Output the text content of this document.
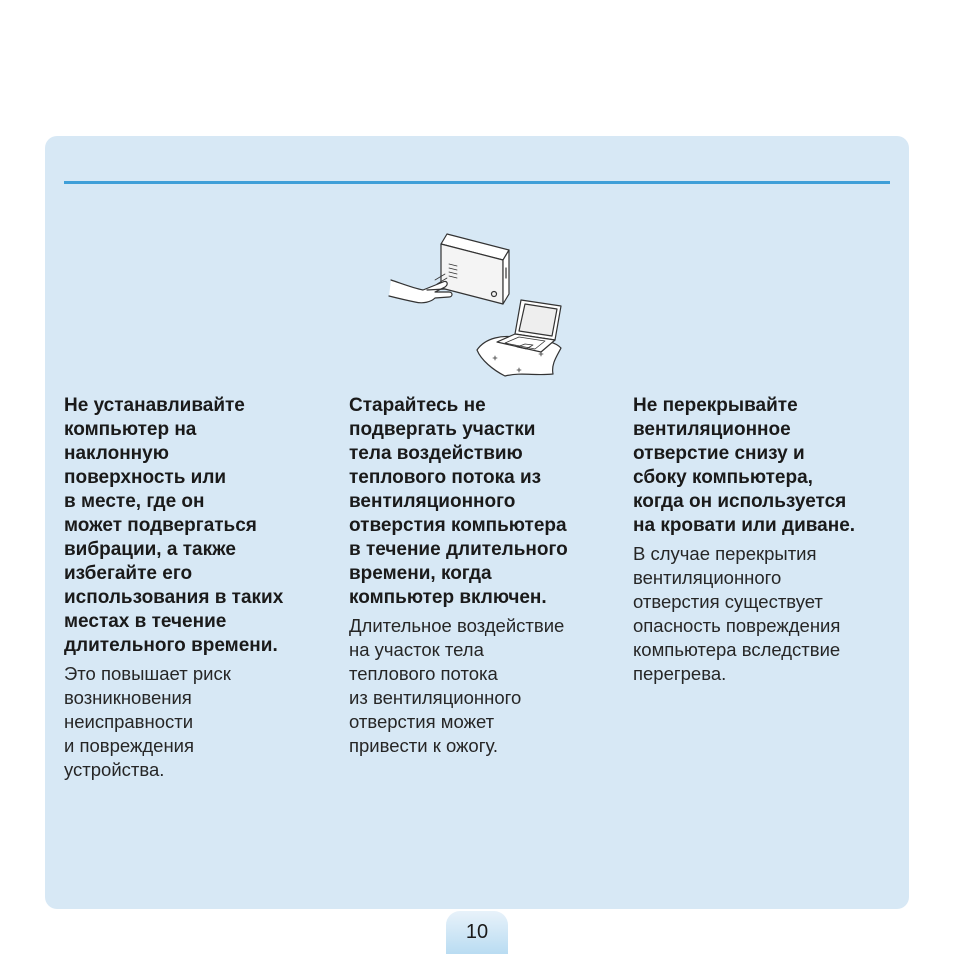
Не устанавливайте
компьютер на
наклонную
поверхность или
в месте, где он
может подвергаться
вибрации, а также
избегайте его
использования в таких
местах в течение
длительного времени.

Это повышает риск
возникновения
неисправности
и повреждения
устройства.

Старайтесь не
подвергать участки
тела воздействию
теплового потока из
вентиляционного
отверстия компьютера
в течение длительного
времени, когда
компьютер включен.

Длительное воздействие
на участок тела
теплового потока
из вентиляционного
отверстия может
привести к ожогу.

Не перекрывайте
вентиляционное
отверстие снизу и
сбоку компьютера,
когда он используется
на кровати или диване.

В случае перекрытия
вентиляционного
отверстия существует
опасность повреждения
компьютера вследствие
перегрева.

10
